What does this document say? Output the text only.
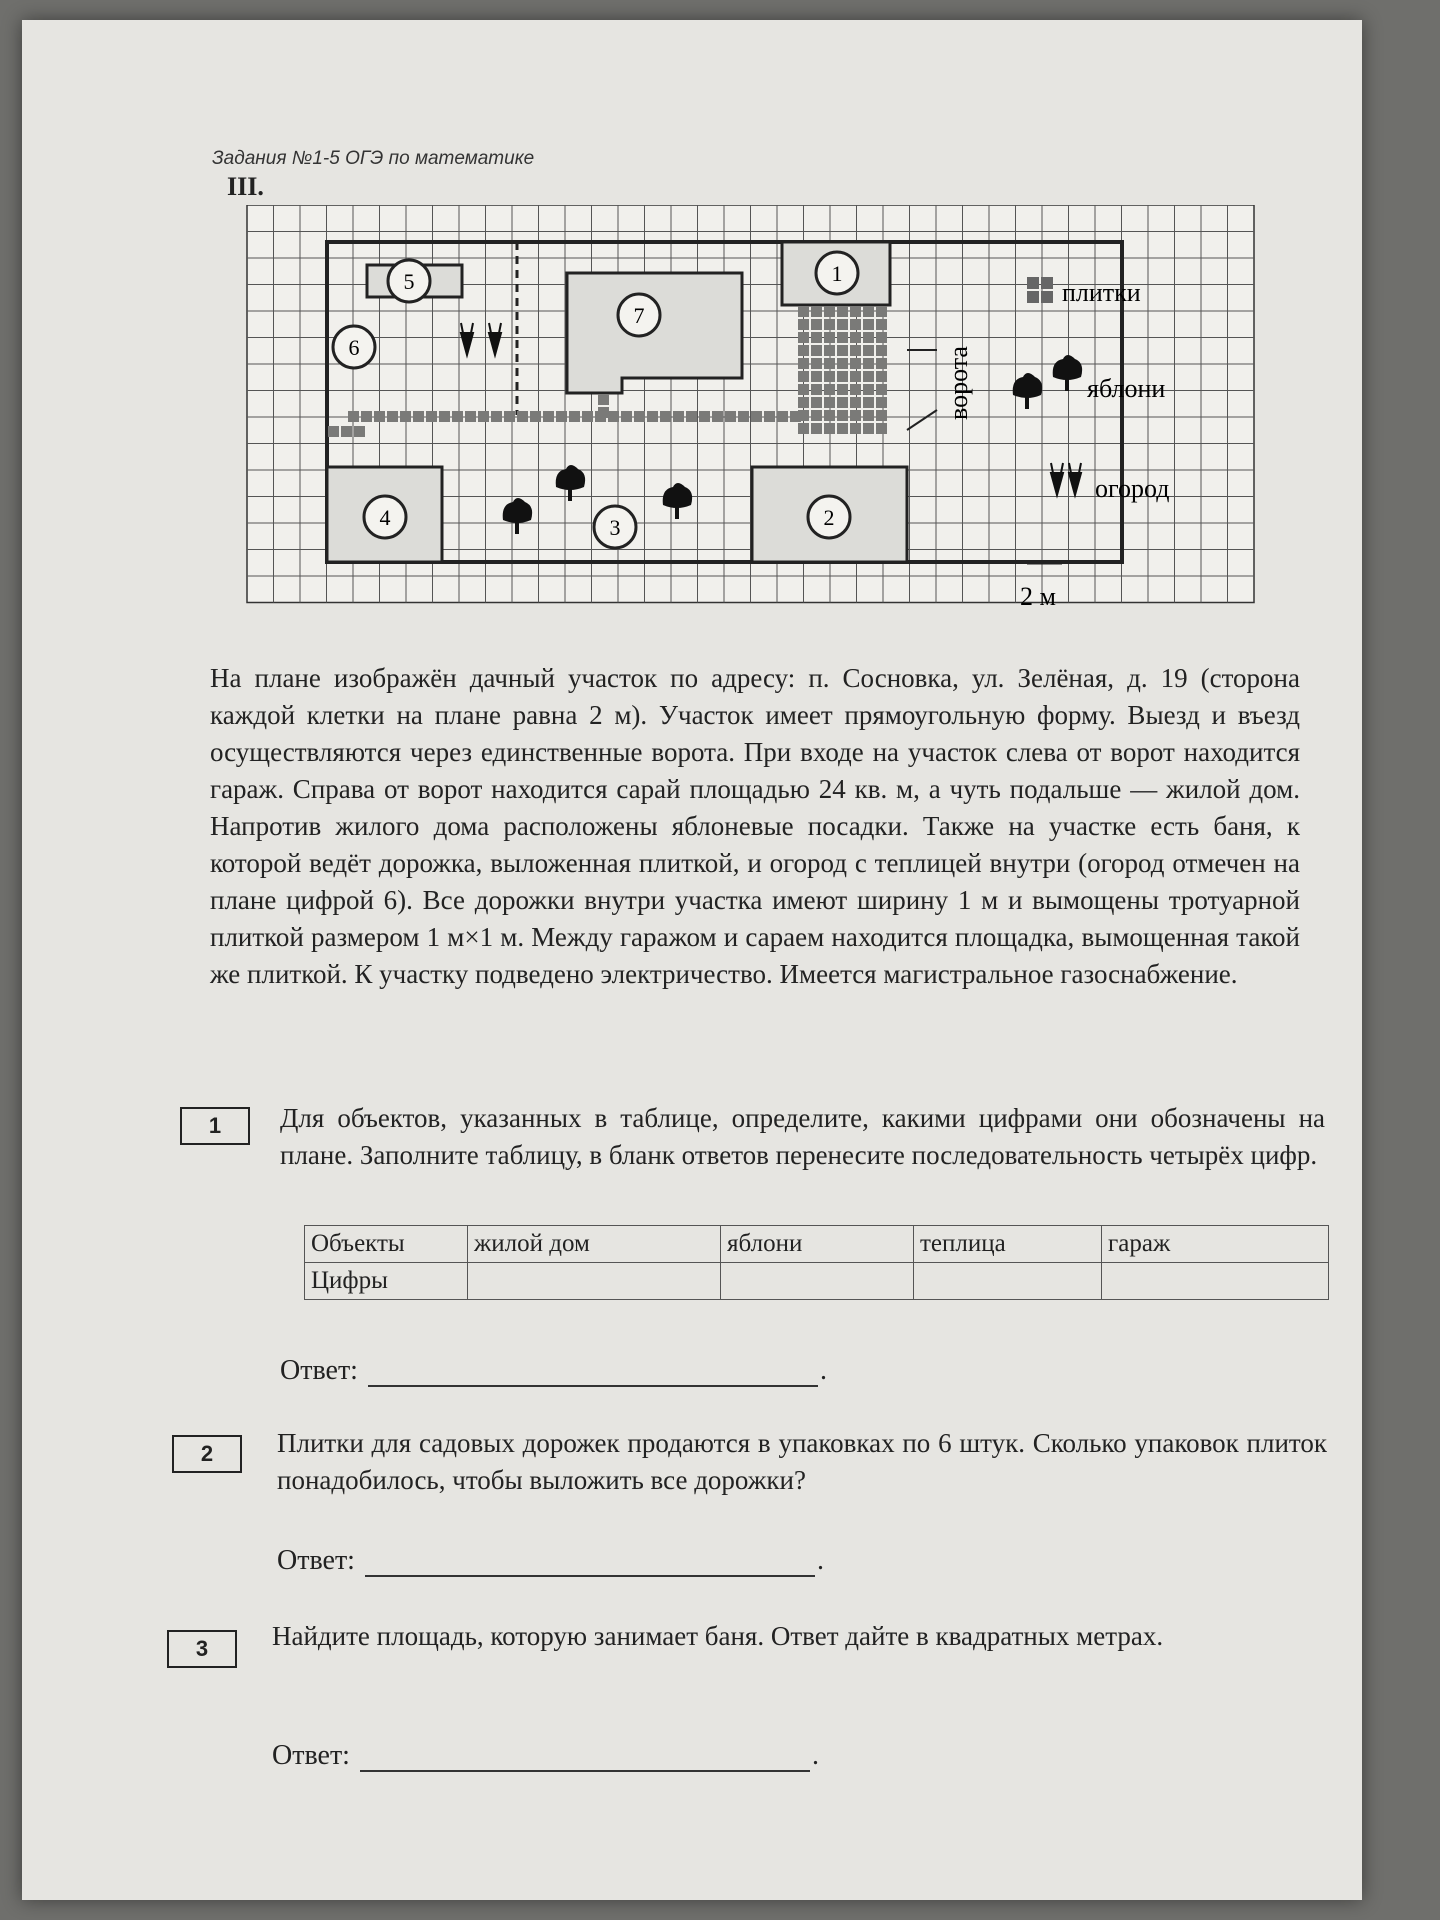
Задания №1-5 ОГЭ по математике
III.
ворота
1
2
3
4
5
6
7
плитки
яблони
огород
2 м
На плане изображён дачный участок по адресу: п. Сосновка, ул. Зелёная, д. 19 (сторона каждой клетки на плане равна 2 м). Участок имеет прямоугольную форму. Выезд и въезд осуществляются через единственные ворота. При входе на участок слева от ворот находится гараж. Справа от ворот находится сарай площадью 24 кв. м, а чуть подальше — жилой дом. Напротив жилого дома расположены яблоневые посадки. Также на участке есть баня, к которой ведёт дорожка, выложенная плиткой, и огород с теплицей внутри (огород отмечен на плане цифрой 6). Все дорожки внутри участка имеют ширину 1 м и вымощены тротуарной плиткой размером 1 м×1 м. Между гаражом и сараем находится площадка, вымощенная такой же плиткой. К участку подведено электричество. Имеется магистральное газоснабжение.
1	Для объектов, указанных в таблице, определите, какими цифрами они обозначены на плане. Заполните таблицу, в бланк ответов перенесите последовательность четырёх цифр.
Объекты	жилой дом	яблони	теплица	гараж
Цифры				
Ответ:	.
2	Плитки для садовых дорожек продаются в упаковках по 6 штук. Сколько упаковок плиток понадобилось, чтобы выложить все дорожки?
Ответ:	.
3	Найдите площадь, которую занимает баня. Ответ дайте в квадратных метрах.
Ответ:	.
